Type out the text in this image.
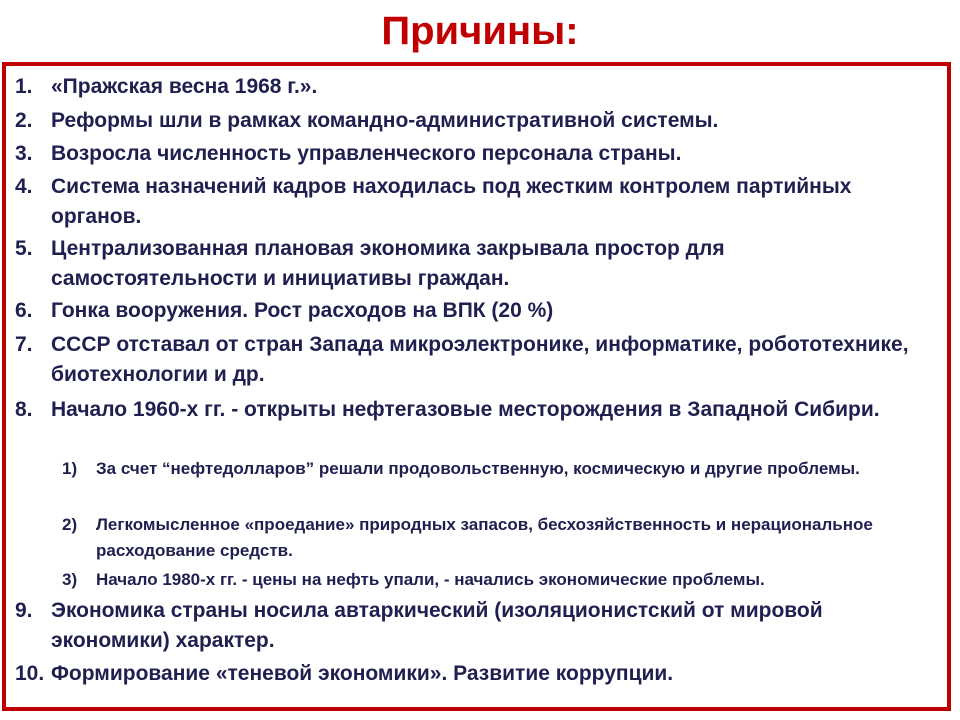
Причины:
1. «Пражская весна 1968 г.».
2. Реформы шли в рамках командно-административной системы.
3. Возросла численность управленческого персонала страны.
4. Система назначений кадров находилась под жестким контролем партийных органов.
5. Централизованная плановая экономика закрывала простор для самостоятельности и инициативы граждан.
6. Гонка вооружения. Рост расходов на ВПК (20 %)
7. СССР отставал от стран Запада микроэлектронике, информатике, робототехнике, биотехнологии и др.
8. Начало 1960-х гг. - открыты нефтегазовые месторождения в Западной Сибири.
1)	За счет “нефтедолларов” решали продовольственную, космическую и другие проблемы.
2)	Легкомысленное «проедание» природных запасов, бесхозяйственность и нерациональное расходование средств.
3)	Начало 1980-х гг. - цены на нефть упали, - начались экономические проблемы.
9. Экономика страны носила автаркический (изоляционистский от мировой экономики) характер.
10. Формирование «теневой экономики». Развитие коррупции.
